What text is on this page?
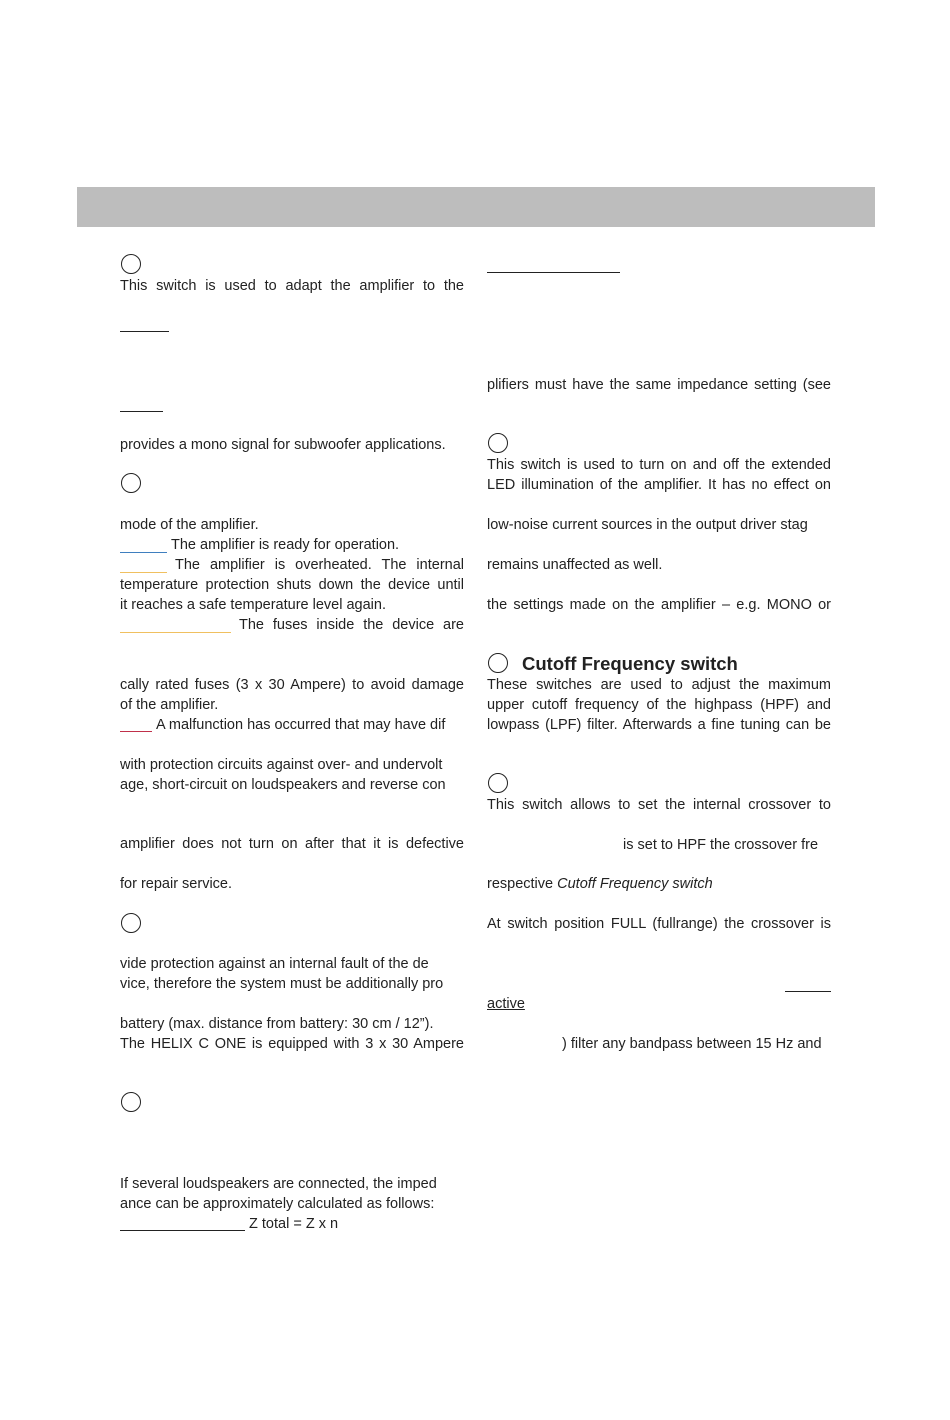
This switch is used to adapt the amplifier to the
provides a mono signal for subwoofer applications.
mode of the amplifier.
The amplifier is ready for operation.
The amplifier is overheated. The internal
temperature protection shuts down the device until
it reaches a safe temperature level again.
The fuses inside the device are
cally rated fuses (3 x 30 Ampere) to avoid damage
of the amplifier.
A malfunction has occurred that may have dif
with protection circuits against over- and undervolt
age, short-circuit on loudspeakers and reverse con
amplifier does not turn on after that it is defective
for repair service.
vide protection against an internal fault of the de
vice, therefore the system must be additionally pro
battery (max. distance from battery: 30 cm / 12”).
The HELIX C ONE is equipped with 3 x 30 Ampere
If several loudspeakers are connected, the imped
ance can be approximately calculated as follows:
Z total = Z x n
plifiers must have the same impedance setting (see
This switch is used to turn on and off the extended
LED illumination of the amplifier. It has no effect on
low-noise current sources in the output driver stag
remains unaffected as well.
the settings made on the amplifier – e.g. MONO or
Cutoff Frequency switch
These switches are used to adjust the maximum
upper cutoff frequency of the highpass (HPF) and
lowpass (LPF) filter. Afterwards a fine tuning can be
This switch allows to set the internal crossover to
is set to HPF the crossover fre
respective Cutoff Frequency switch
At switch position FULL (fullrange) the crossover is
active
) filter any bandpass between 15 Hz and
